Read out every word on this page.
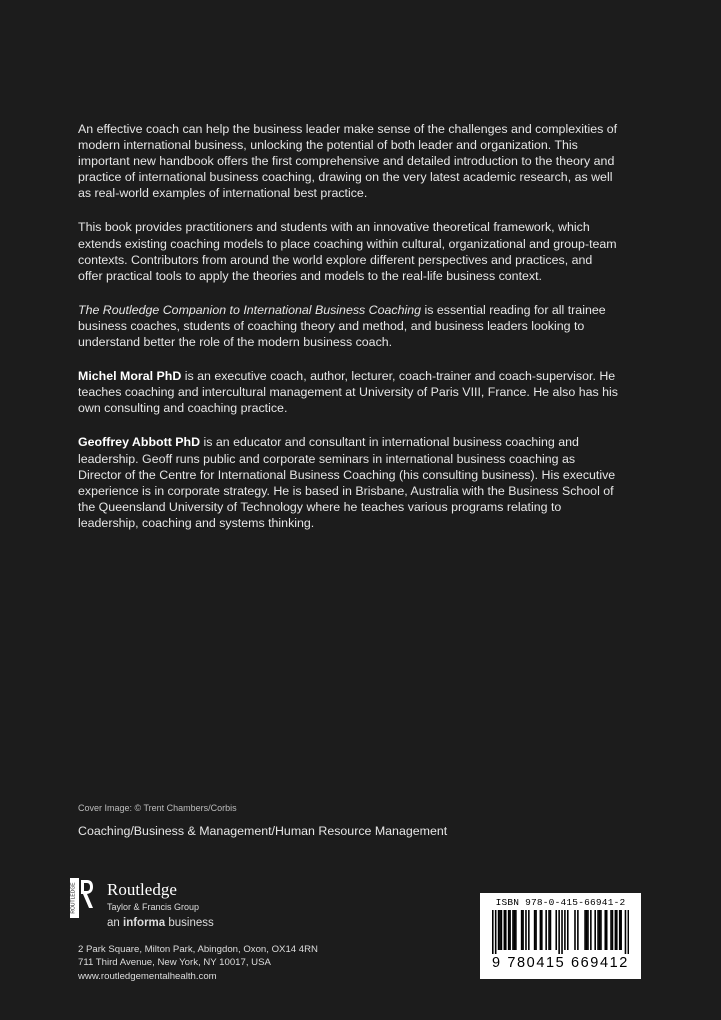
An effective coach can help the business leader make sense of the challenges and complexities of modern international business, unlocking the potential of both leader and organization. This important new handbook offers the first comprehensive and detailed introduction to the theory and practice of international business coaching, drawing on the very latest academic research, as well as real-world examples of international best practice.

This book provides practitioners and students with an innovative theoretical framework, which extends existing coaching models to place coaching within cultural, organizational and group-team contexts. Contributors from around the world explore different perspectives and practices, and offer practical tools to apply the theories and models to the real-life business context.

The Routledge Companion to International Business Coaching is essential reading for all trainee business coaches, students of coaching theory and method, and business leaders looking to understand better the role of the modern business coach.

Michel Moral PhD is an executive coach, author, lecturer, coach-trainer and coach-supervisor. He teaches coaching and intercultural management at University of Paris VIII, France. He also has his own consulting and coaching practice.

Geoffrey Abbott PhD is an educator and consultant in international business coaching and leadership. Geoff runs public and corporate seminars in international business coaching as Director of the Centre for International Business Coaching (his consulting business). His executive experience is in corporate strategy. He is based in Brisbane, Australia with the Business School of the Queensland University of Technology where he teaches various programs relating to leadership, coaching and systems thinking.

Cover Image: © Trent Chambers/Corbis
Coaching/Business & Management/Human Resource Management
ROUTLEDGE Routledge
Taylor & Francis Group
an informa business
2 Park Square, Milton Park, Abingdon, Oxon, OX14 4RN
711 Third Avenue, New York, NY 10017, USA
www.routledgementalhealth.com
ISBN 978-0-415-66941-2
9 780415 669412
